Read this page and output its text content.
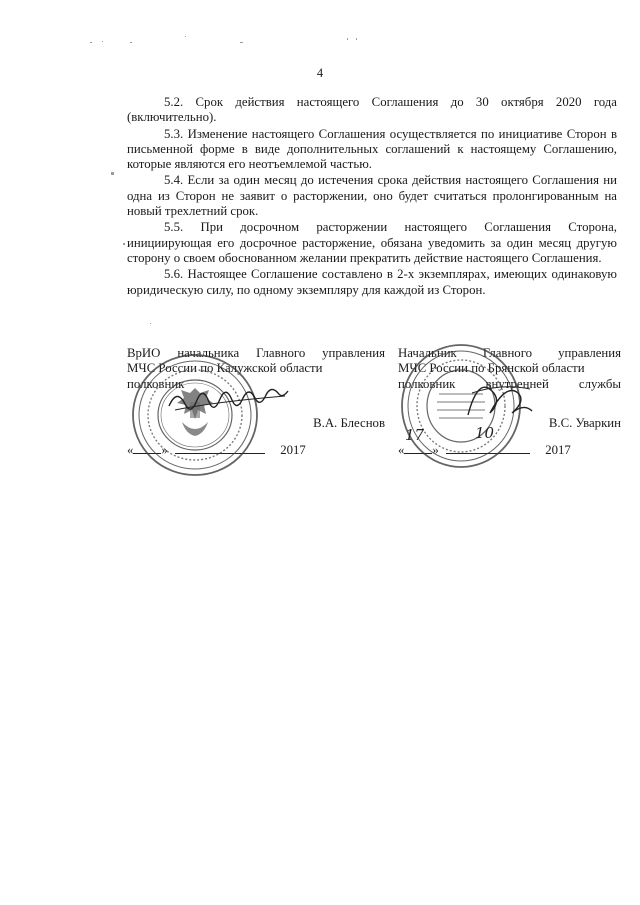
4

5.2. Срок действия настоящего Соглашения до 30 октября 2020 года (включительно).

5.3. Изменение настоящего Соглашения осуществляется по инициативе Сторон в письменной форме в виде дополнительных соглашений к настоящему Соглашению, которые являются его неотъемлемой частью.

5.4. Если за один месяц до истечения срока действия настоящего Соглашения ни одна из Сторон не заявит о расторжении, оно будет считаться пролонгированным на новый трехлетний срок.

5.5. При досрочном расторжении настоящего Соглашения Сторона, инициирующая его досрочное расторжение, обязана уведомить за один месяц другую сторону о своем обоснованном желании прекратить действие настоящего Соглашения.

5.6. Настоящее Соглашение составлено в 2-х экземплярах, имеющих одинаковую юридическую силу, по одному экземпляру для каждой из Сторон.

ВрИО начальника Главного управления
МЧС России по Калужской области
полковник
В.А. Блеснов
« »	2017
Начальник Главного управления
МЧС России по Брянской области
полковник внутренней службы
В.С. Уваркин
« »	2017
17	10
